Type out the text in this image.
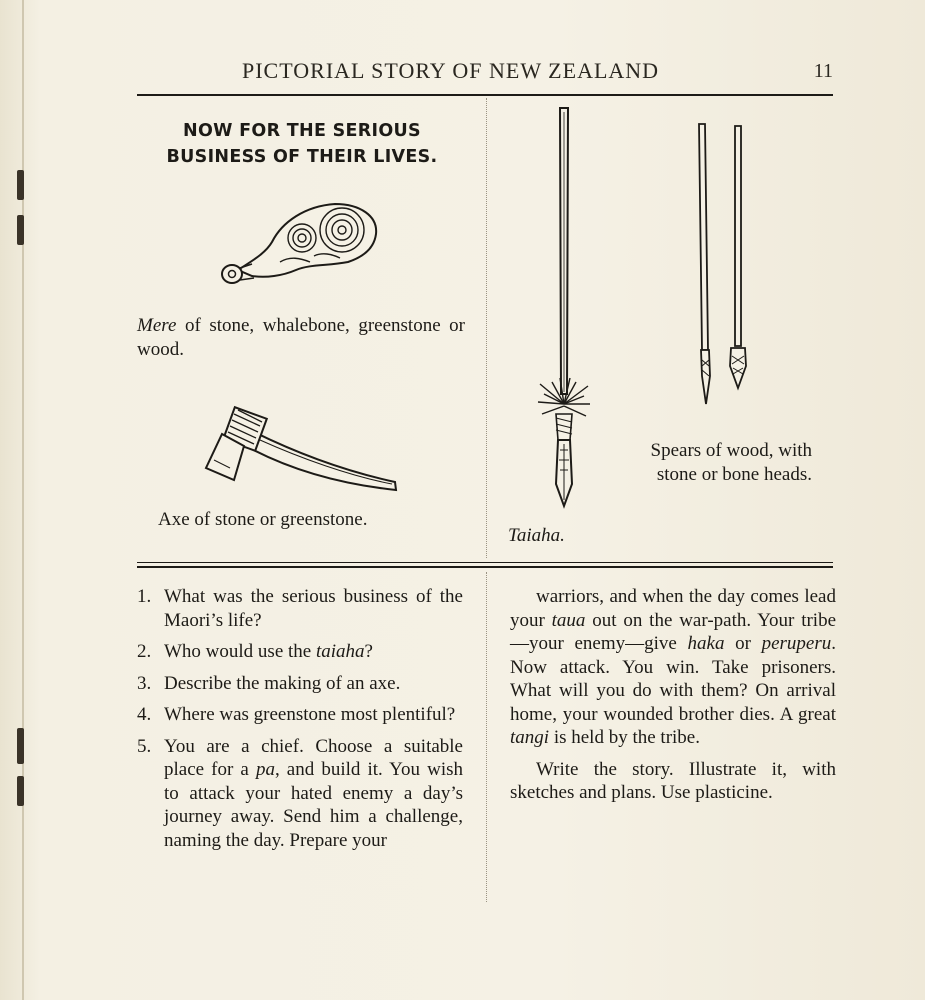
PICTORIAL STORY OF NEW ZEALAND	11
NOW FOR THE SERIOUS
BUSINESS OF THEIR LIVES.
Mere of stone, whalebone, greenstone or wood.
Axe of stone or greenstone.
Taiaha.
Spears of wood, with stone or bone heads.
1. What was the serious business of the Maori’s life?
2. Who would use the taiaha?
3. Describe the making of an axe.
4. Where was greenstone most plentiful?
5. You are a chief. Choose a suitable place for a pa, and build it. You wish to attack your hated enemy a day’s journey away. Send him a challenge, naming the day. Prepare your

warriors, and when the day comes lead your taua out on the war-path. Your tribe—your enemy—give haka or peruperu. Now attack. You win. Take prisoners. What will you do with them? On arrival home, your wounded brother dies. A great tangi is held by the tribe.

Write the story. Illustrate it, with sketches and plans. Use plasticine.
